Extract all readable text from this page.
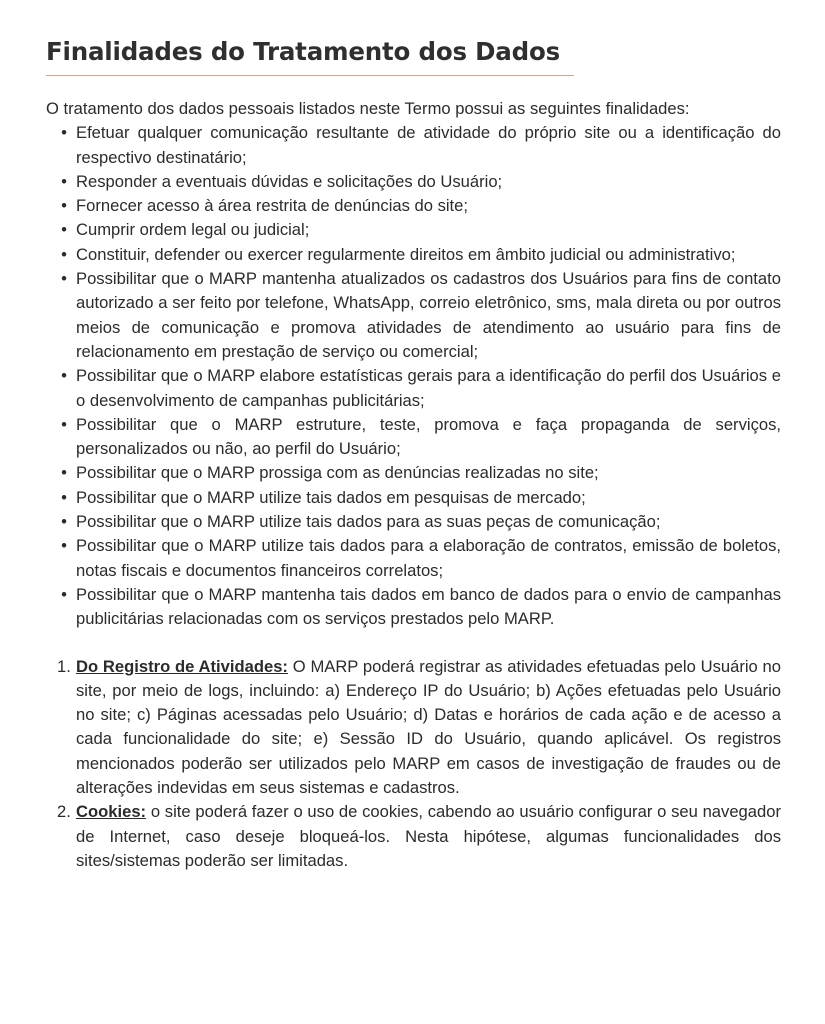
Finalidades do Tratamento dos Dados

O tratamento dos dados pessoais listados neste Termo possui as seguintes finalidades:

• Efetuar qualquer comunicação resultante de atividade do próprio site ou a identificação do respectivo destinatário;
• Responder a eventuais dúvidas e solicitações do Usuário;
• Fornecer acesso à área restrita de denúncias do site;
• Cumprir ordem legal ou judicial;
• Constituir, defender ou exercer regularmente direitos em âmbito judicial ou administrativo;
• Possibilitar que o MARP mantenha atualizados os cadastros dos Usuários para fins de contato autorizado a ser feito por telefone, WhatsApp, correio eletrônico, sms, mala direta ou por outros meios de comunicação e promova atividades de atendimento ao usuário para fins de relacionamento em prestação de serviço ou comercial;
• Possibilitar que o MARP elabore estatísticas gerais para a identificação do perfil dos Usuários e o desenvolvimento de campanhas publicitárias;
• Possibilitar que o MARP estruture, teste, promova e faça propaganda de serviços, personalizados ou não, ao perfil do Usuário;
• Possibilitar que o MARP prossiga com as denúncias realizadas no site;
• Possibilitar que o MARP utilize tais dados em pesquisas de mercado;
• Possibilitar que o MARP utilize tais dados para as suas peças de comunicação;
• Possibilitar que o MARP utilize tais dados para a elaboração de contratos, emissão de boletos, notas fiscais e documentos financeiros correlatos;
• Possibilitar que o MARP mantenha tais dados em banco de dados para o envio de campanhas publicitárias relacionadas com os serviços prestados pelo MARP.
1. Do Registro de Atividades: O MARP poderá registrar as atividades efetuadas pelo Usuário no site, por meio de logs, incluindo: a) Endereço IP do Usuário; b) Ações efetuadas pelo Usuário no site; c) Páginas acessadas pelo Usuário; d) Datas e horários de cada ação e de acesso a cada funcionalidade do site; e) Sessão ID do Usuário, quando aplicável. Os registros mencionados poderão ser utilizados pelo MARP em casos de investigação de fraudes ou de alterações indevidas em seus sistemas e cadastros.
2. Cookies: o site poderá fazer o uso de cookies, cabendo ao usuário configurar o seu navegador de Internet, caso deseje bloqueá-los. Nesta hipótese, algumas funcionalidades dos sites/sistemas poderão ser limitadas.
